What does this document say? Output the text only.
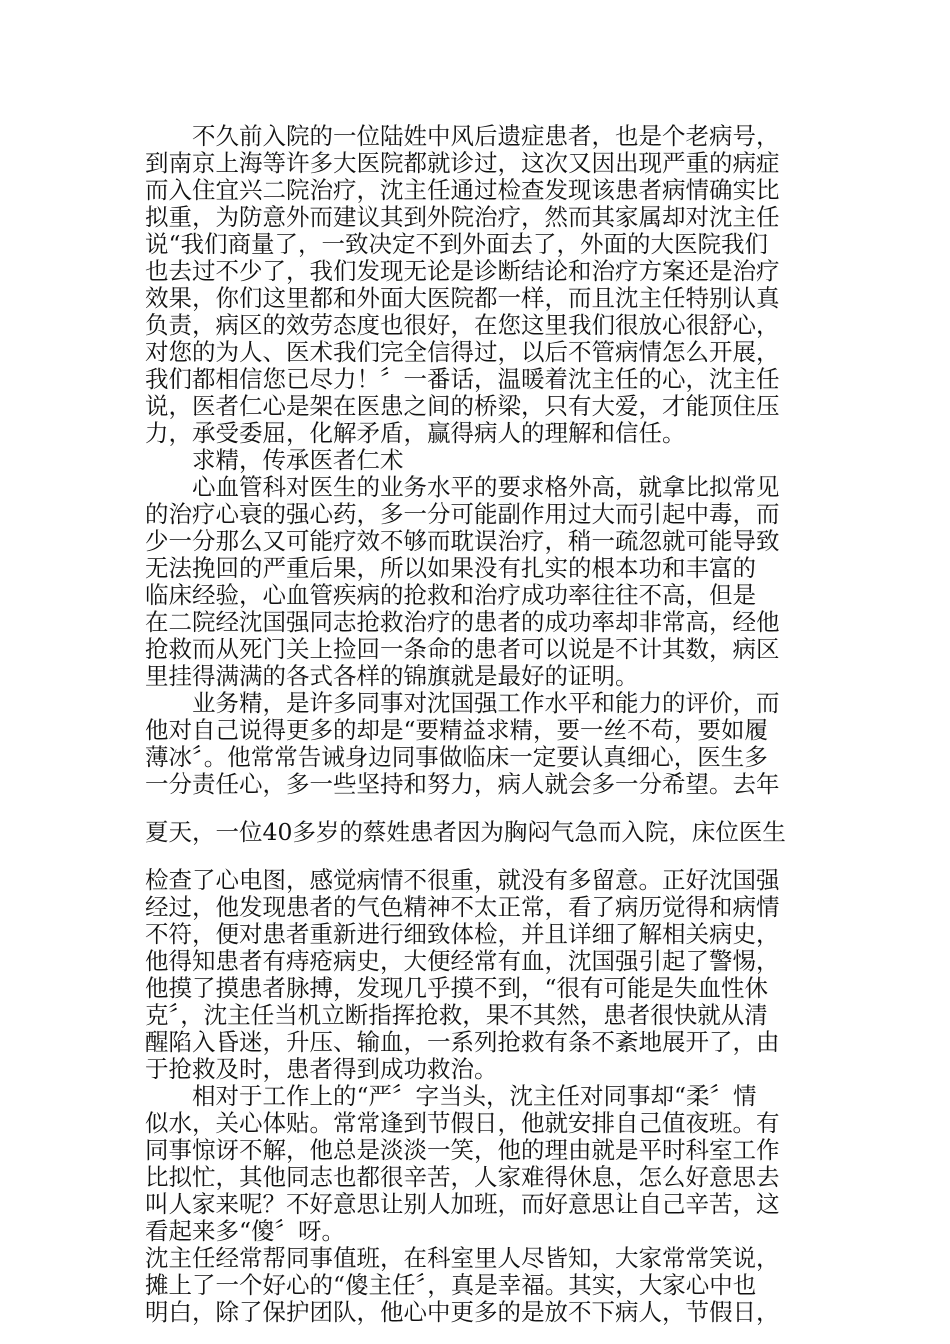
　　不久前入院的一位陆姓中风后遗症患者，也是个老病号，
到南京上海等许多大医院都就诊过，这次又因出现严重的病症
而入住宜兴二院治疗，沈主任通过检查发现该患者病情确实比
拟重，为防意外而建议其到外院治疗，然而其家属却对沈主任
说“我们商量了，一致决定不到外面去了，外面的大医院我们
也去过不少了，我们发现无论是诊断结论和治疗方案还是治疗
效果，你们这里都和外面大医院都一样，而且沈主任特别认真
负责，病区的效劳态度也很好，在您这里我们很放心很舒心，
对您的为人、医术我们完全信得过，以后不管病情怎么开展，
我们都相信您已尽力！〞一番话，温暖着沈主任的心，沈主任
说，医者仁心是架在医患之间的桥梁，只有大爱，才能顶住压
力，承受委屈，化解矛盾，赢得病人的理解和信任。
　　求精，传承医者仁术
　　心血管科对医生的业务水平的要求格外高，就拿比拟常见
的治疗心衰的强心药，多一分可能副作用过大而引起中毒，而
少一分那么又可能疗效不够而耽误治疗，稍一疏忽就可能导致
无法挽回的严重后果，所以如果没有扎实的根本功和丰富的
临床经验，心血管疾病的抢救和治疗成功率往往不高，但是
在二院经沈国强同志抢救治疗的患者的成功率却非常高，经他
抢救而从死门关上捡回一条命的患者可以说是不计其数，病区
里挂得满满的各式各样的锦旗就是最好的证明。
　　业务精，是许多同事对沈国强工作水平和能力的评价，而
他对自己说得更多的却是“要精益求精，要一丝不苟，要如履
薄冰〞。他常常告诫身边同事做临床一定要认真细心，医生多
一分责任心，多一些坚持和努力，病人就会多一分希望。去年
夏天，一位40多岁的蔡姓患者因为胸闷气急而入院，床位医生
检查了心电图，感觉病情不很重，就没有多留意。正好沈国强
经过，他发现患者的气色精神不太正常，看了病历觉得和病情
不符，便对患者重新进行细致体检，并且详细了解相关病史，
他得知患者有痔疮病史，大便经常有血，沈国强引起了警惕，
他摸了摸患者脉搏，发现几乎摸不到，“很有可能是失血性休
克〞，沈主任当机立断指挥抢救，果不其然，患者很快就从清
醒陷入昏迷，升压、输血，一系列抢救有条不紊地展开了，由
于抢救及时，患者得到成功救治。
　　相对于工作上的“严〞字当头，沈主任对同事却“柔〞情
似水，关心体贴。常常逢到节假日，他就安排自己值夜班。有
同事惊讶不解，他总是淡淡一笑，他的理由就是平时科室工作
比拟忙，其他同志也都很辛苦，人家难得休息，怎么好意思去
叫人家来呢？不好意思让别人加班，而好意思让自己辛苦，这
看起来多“傻〞呀。
沈主任经常帮同事值班，在科室里人尽皆知，大家常常笑说，
摊上了一个好心的“傻主任〞，真是幸福。其实，大家心中也
明白，除了保护团队，他心中更多的是放不下病人，节假日，
